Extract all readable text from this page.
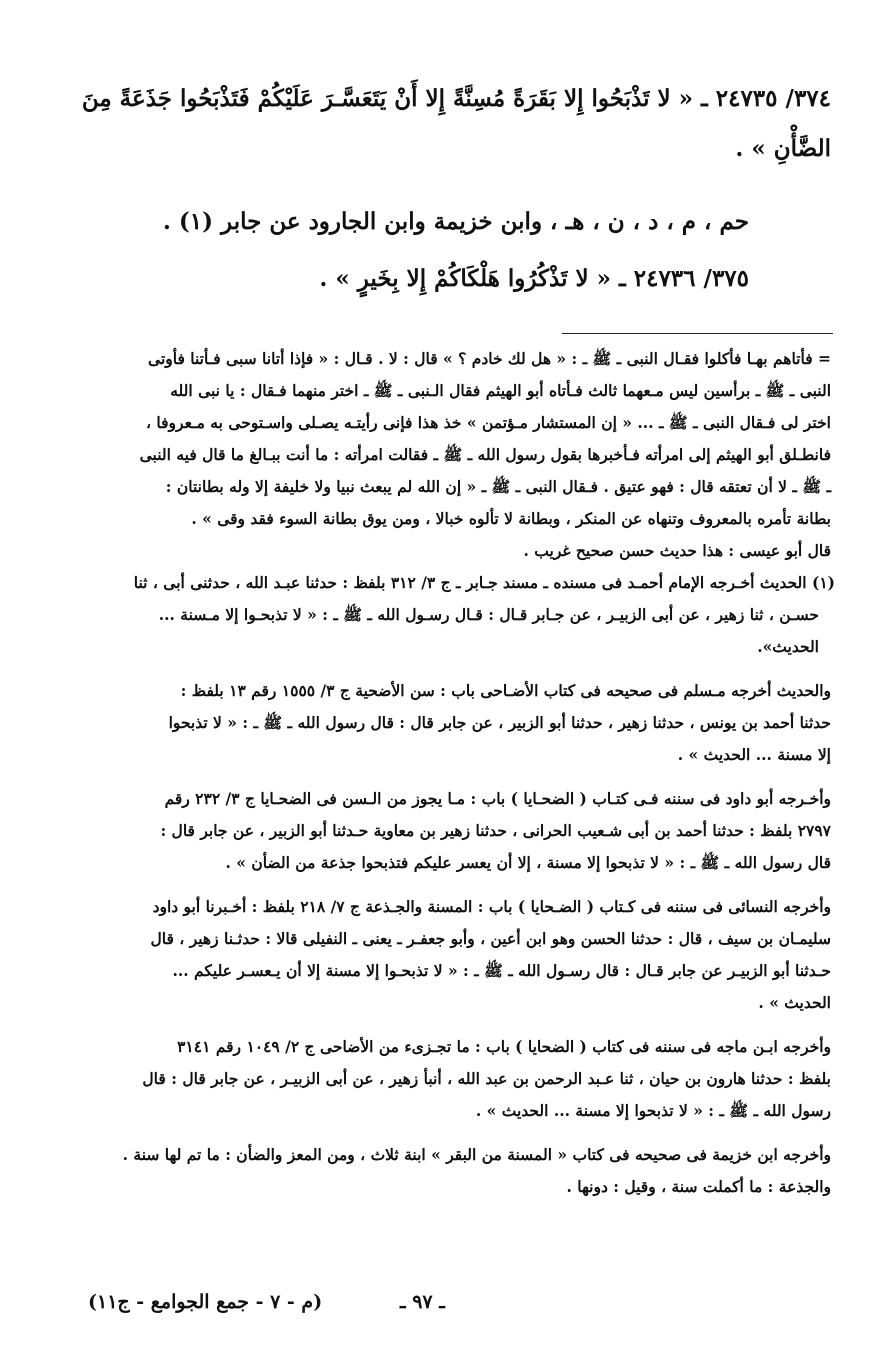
٣٧٤/ ٢٤٧٣٥ ـ « لا تَذْبَحُوا إِلا بَقَرَةً مُسِنَّةً إِلا أَنْ يَتَعَسَّـرَ عَلَيْكُمْ فَتَذْبَحُوا جَذَعَةً مِنَ
الضَّأْنِ » .
حم ، م ، د ، ن ، هـ ، وابن خزيمة وابن الجارود عن جابر (١) .
٣٧٥/ ٢٤٧٣٦ ـ « لا تَذْكُرُوا هَلْكَاكُمْ إِلا بِخَيرٍ » .
= فأتاهم بهـا فأكلوا فقـال النبى ـ ﷺ ـ : « هل لك خادم ؟ » قال : لا . قـال : « فإذا أتانا سبى فـأتنا فأوتى
النبى ـ ﷺ ـ برأسين ليس مـعهما ثالث فـأتاه أبو الهيثم فقال الـنبى ـ ﷺ ـ اختر منهما فـقال : يا نبى الله
اختر لى فـقال النبى ـ ﷺ ـ ... « إن المستشار مـؤتمن » خذ هذا فإنى رأيتـه يصـلى واسـتوحى به مـعروفا ،
فانطـلق أبو الهيثم إلى امرأته فـأخبرها بقول رسول الله ـ ﷺ ـ فقالت امرأته : ما أنت ببـالغ ما قال فيه النبى
ـ ﷺ ـ لا أن تعتقه قال : فهو عتيق . فـقال النبى ـ ﷺ ـ « إن الله لم يبعث نبيا ولا خليفة إلا وله بطانتان :
بطانة تأمره بالمعروف وتنهاه عن المنكر ، وبطانة لا تألوه خبالا ، ومن يوق بطانة السوء فقد وقى » .
قال أبو عيسى : هذا حديث حسن صحيح غريب .
(١) الحديث أخـرجه الإمام أحمـد فى مسنده ـ مسند جـابر ـ ج ٣/ ٣١٢ بلفظ : حدثنا عبـد الله ، حدثنى أبى ، ثنا
حسـن ، ثنا زهير ، عن أبى الزبيـر ، عن جـابر قـال : قـال رسـول الله ـ ﷺ ـ : « لا تذبحـوا إلا مـسنة ...
الحديث».
والحديث أخرجه مـسلم فى صحيحه فى كتاب الأضـاحى باب : سن الأضحية ج ٣/ ١٥٥٥ رقم ١٣ بلفظ :
حدثنا أحمد بن يونس ، حدثنا زهير ، حدثنا أبو الزبير ، عن جابر قال : قال رسول الله ـ ﷺ ـ : « لا تذبحوا
إلا مسنة ... الحديث » .
وأخـرجه أبو داود فى سننه فـى كتـاب ( الضحـايا ) باب : مـا يجوز من الـسن فى الضحـايا ج ٣/ ٢٣٢ رقم
٢٧٩٧ بلفظ : حدثنا أحمد بن أبى شـعيب الحرانى ، حدثنا زهير بن معاوية حـدثنا أبو الزبير ، عن جابر قال :
قال رسول الله ـ ﷺ ـ : « لا تذبحوا إلا مسنة ، إلا أن يعسر عليكم فتذبحوا جذعة من الضأن » .
وأخرجه النسائى فى سننه فى كـتاب ( الضـحايا ) باب : المسنة والجـذعة ج ٧/ ٢١٨ بلفظ : أخـبرنا أبو داود
سليمـان بن سيف ، قال : حدثنا الحسن وهو ابن أعين ، وأبو جعفـر ـ يعنى ـ النفيلى قالا : حدثـنا زهير ، قال
حـدثنا أبو الزبيـر عن جابر قـال : قال رسـول الله ـ ﷺ ـ : « لا تذبحـوا إلا مسنة إلا أن يـعسـر عليكم ...
الحديث » .
وأخرجه ابـن ماجه فى سننه فى كتاب ( الضحايا ) باب : ما تجـزىء من الأضاحى ج ٢/ ١٠٤٩ رقم ٣١٤١
بلفظ : حدثنا هارون بن حيان ، ثنا عـبد الرحمن بن عبد الله ، أنبأ زهير ، عن أبى الزبيـر ، عن جابر قال : قال
رسول الله ـ ﷺ ـ : « لا تذبحوا إلا مسنة ... الحديث » .
وأخرجه ابن خزيمة فى صحيحه فى كتاب « المسنة من البقر » ابنة ثلاث ، ومن المعز والضأن : ما تم لها سنة .
والجذعة : ما أكملت سنة ، وقيل : دونها .
ـ ٩٧ ـ
(م - ٧ - جمع الجوامع - ج١١)
